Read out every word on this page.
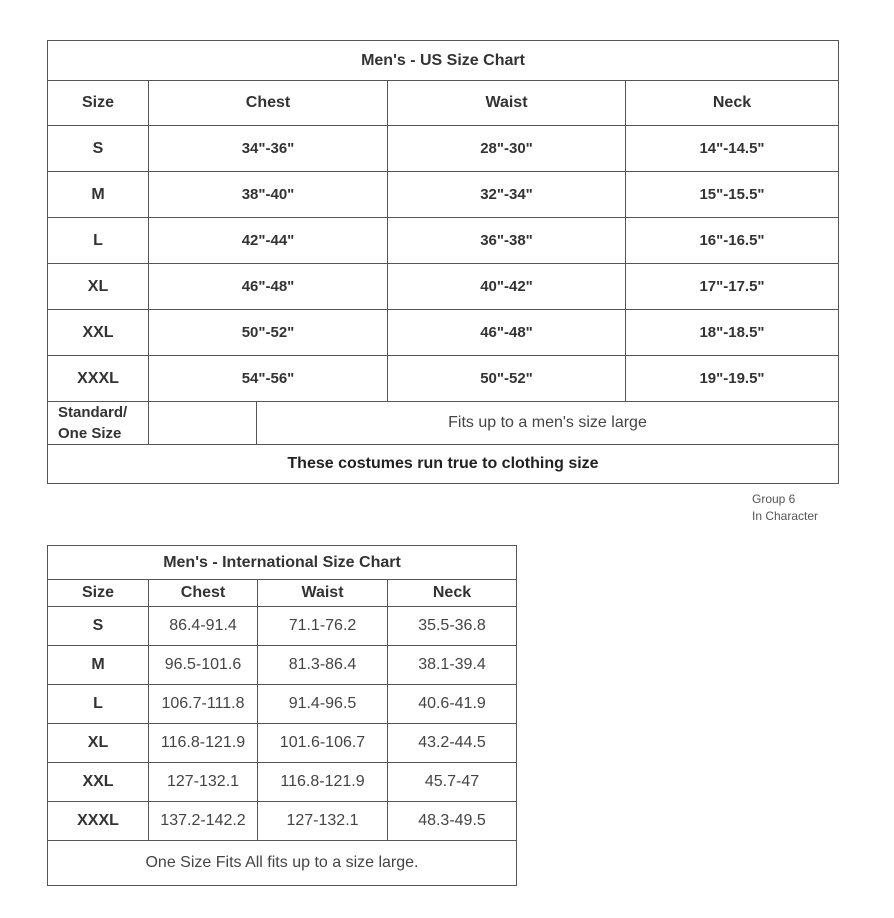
Men's - US Size Chart				
Size	Chest		Waist	Neck
S	34"-36"		28"-30"	14"-14.5"
M	38"-40"		32"-34"	15"-15.5"
L	42"-44"		36"-38"	16"-16.5"
XL	46"-48"		40"-42"	17"-17.5"
XXL	50"-52"		46"-48"	18"-18.5"
XXXL	54"-56"		50"-52"	19"-19.5"

Standard/
One Size		Fits up to a men's size large		
These costumes run true to clothing size				
Group 6
In Character
Men's - International Size Chart			
Size	Chest	Waist	Neck
S	86.4-91.4	71.1-76.2	35.5-36.8
M	96.5-101.6	81.3-86.4	38.1-39.4
L	106.7-111.8	91.4-96.5	40.6-41.9
XL	116.8-121.9	101.6-106.7	43.2-44.5
XXL	127-132.1	116.8-121.9	45.7-47
XXXL	137.2-142.2	127-132.1	48.3-49.5
One Size Fits All fits up to a size large.			
